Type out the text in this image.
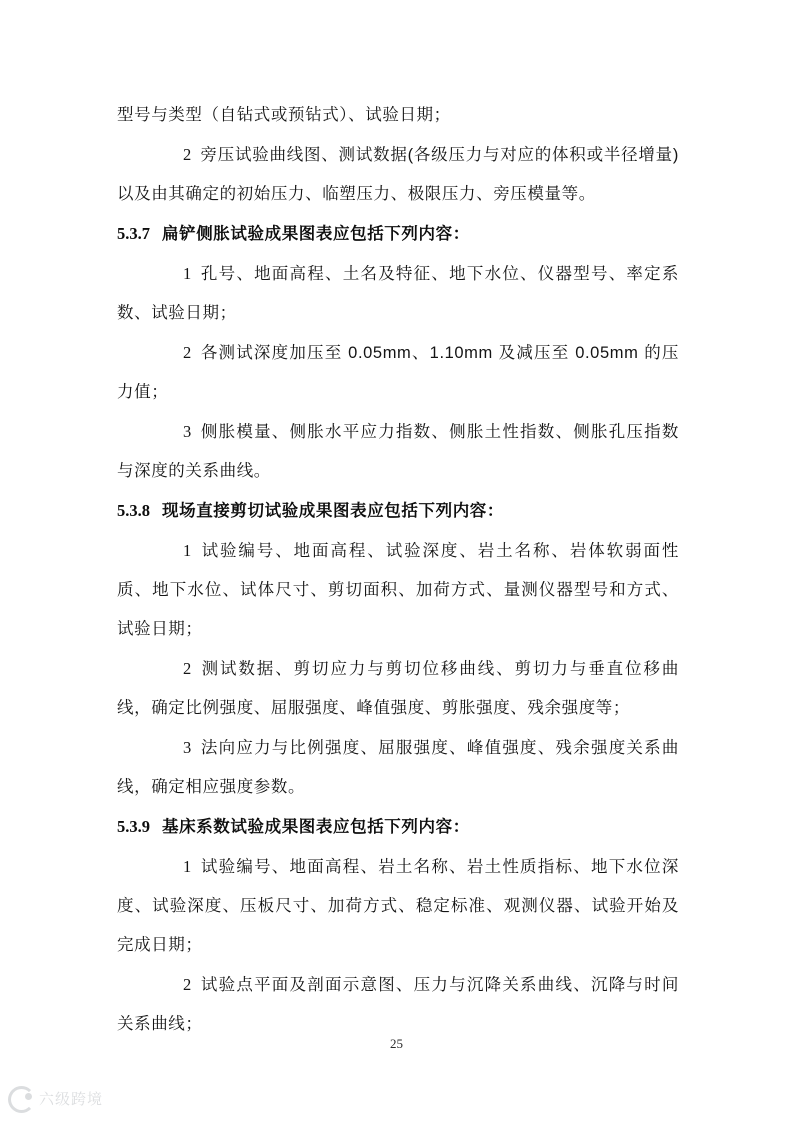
型号与类型（自钻式或预钻式）、试验日期；

2 旁压试验曲线图、测试数据(各级压力与对应的体积或半径增量)以及由其确定的初始压力、临塑压力、极限压力、旁压模量等。

5.3.7 扁铲侧胀试验成果图表应包括下列内容：

1 孔号、地面高程、土名及特征、地下水位、仪器型号、率定系数、试验日期；

2 各测试深度加压至 0.05mm、1.10mm 及减压至 0.05mm 的压力值；

3 侧胀模量、侧胀水平应力指数、侧胀土性指数、侧胀孔压指数与深度的关系曲线。

5.3.8 现场直接剪切试验成果图表应包括下列内容：

1 试验编号、地面高程、试验深度、岩土名称、岩体软弱面性质、地下水位、试体尺寸、剪切面积、加荷方式、量测仪器型号和方式、试验日期；

2 测试数据、剪切应力与剪切位移曲线、剪切力与垂直位移曲线，确定比例强度、屈服强度、峰值强度、剪胀强度、残余强度等；

3 法向应力与比例强度、屈服强度、峰值强度、残余强度关系曲线，确定相应强度参数。

5.3.9 基床系数试验成果图表应包括下列内容：

1 试验编号、地面高程、岩土名称、岩土性质指标、地下水位深度、试验深度、压板尺寸、加荷方式、稳定标准、观测仪器、试验开始及完成日期；

2 试验点平面及剖面示意图、压力与沉降关系曲线、沉降与时间关系曲线；

25
六级跨境
